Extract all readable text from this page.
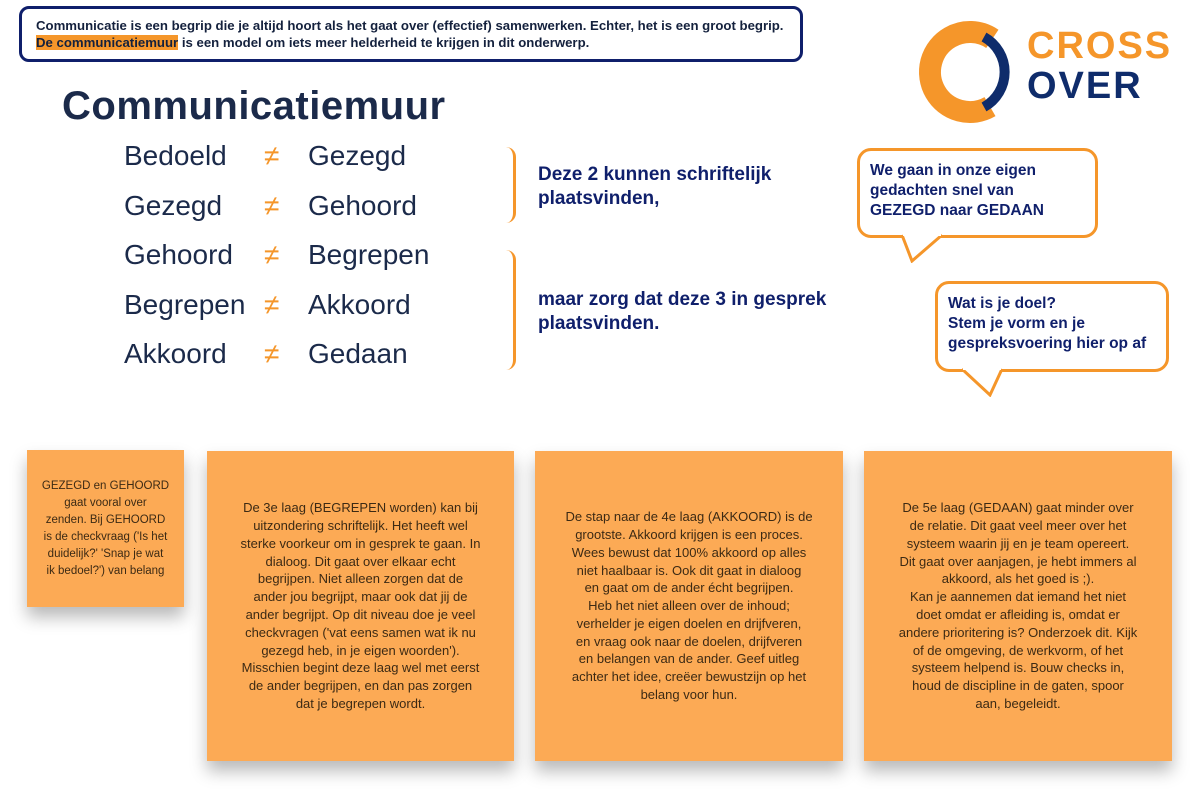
Communicatie is een begrip die je altijd hoort als het gaat over (effectief) samenwerken. Echter, het is een groot begrip.
De communicatiemuur is een model om iets meer helderheid te krijgen in dit onderwerp.	CROSS
OVER
Communicatiemuur
Bedoeld ≠ Gezegd
Gezegd ≠ Gehoord
Gehoord ≠ Begrepen
Begrepen ≠ Akkoord
Akkoord ≠ Gedaan
Deze 2 kunnen schriftelijk
plaatsvinden,
maar zorg dat deze 3 in gesprek
plaatsvinden.
We gaan in onze eigen
gedachten snel van
GEZEGD naar GEDAAN
Wat is je doel?
Stem je vorm en je
gespreksvoering hier op af
GEZEGD en GEHOORD
gaat vooral over
zenden. Bij GEHOORD
is de checkvraag ('Is het
duidelijk?' 'Snap je wat
ik bedoel?') van belang
De 3e laag (BEGREPEN worden) kan bij
uitzondering schriftelijk. Het heeft wel
sterke voorkeur om in gesprek te gaan. In
dialoog. Dit gaat over elkaar echt
begrijpen. Niet alleen zorgen dat de
ander jou begrijpt, maar ook dat jij de
ander begrijpt. Op dit niveau doe je veel
checkvragen ('vat eens samen wat ik nu
gezegd heb, in je eigen woorden').
Misschien begint deze laag wel met eerst
de ander begrijpen, en dan pas zorgen
dat je begrepen wordt.
De stap naar de 4e laag (AKKOORD) is de
grootste. Akkoord krijgen is een proces.
Wees bewust dat 100% akkoord op alles
niet haalbaar is. Ook dit gaat in dialoog
en gaat om de ander écht begrijpen.
Heb het niet alleen over de inhoud;
verhelder je eigen doelen en drijfveren,
en vraag ook naar de doelen, drijfveren
en belangen van de ander. Geef uitleg
achter het idee, creëer bewustzijn op het
belang voor hun.
De 5e laag (GEDAAN) gaat minder over
de relatie. Dit gaat veel meer over het
systeem waarin jij en je team opereert.
Dit gaat over aanjagen, je hebt immers al
akkoord, als het goed is ;).
Kan je aannemen dat iemand het niet
doet omdat er afleiding is, omdat er
andere prioritering is? Onderzoek dit. Kijk
of de omgeving, de werkvorm, of het
systeem helpend is. Bouw checks in,
houd de discipline in de gaten, spoor
aan, begeleidt.
